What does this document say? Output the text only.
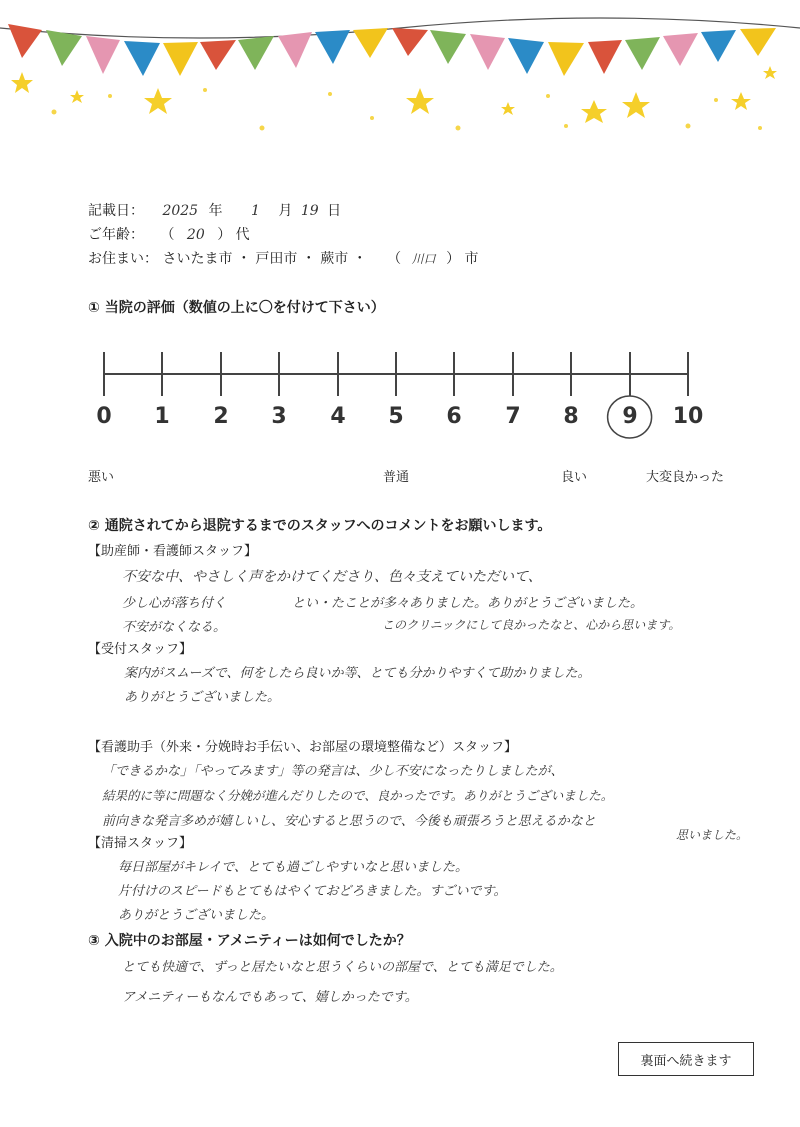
記載日： 2025 年 1 月 19 日
ご年齢： （ 20 ） 代
お住まい： さいたま市 ・ 戸田市 ・ 蕨市 ・ （ 川口 ） 市
① 当院の評価（数値の上に〇を付けて下さい）
0	1	2	3	4	5	6	7	8	9	10
悪い	普通	良い	大変良かった
② 通院されてから退院するまでのスタッフへのコメントをお願いします。
【助産師・看護師スタッフ】
不安な中、やさしく声をかけてくださり、色々支えていただいて、
少し心が落ち付く	とい・たことが多々ありました。ありがとうございました。
不安がなくなる。	このクリニックにして良かったなと、心から思います。
【受付スタッフ】
案内がスムーズで、何をしたら良いか等、とても分かりやすくて助かりました。
ありがとうございました。
【看護助手（外来・分娩時お手伝い、お部屋の環境整備など）スタッフ】
「できるかな」「やってみます」等の発言は、少し不安になったりしましたが、
結果的に等に問題なく分娩が進んだりしたので、良かったです。ありがとうございました。
前向きな発言多めが嬉しいし、安心すると思うので、今後も頑張ろうと思えるかなと
思いました。
【清掃スタッフ】
毎日部屋がキレイで、とても過ごしやすいなと思いました。
片付けのスピードもとてもはやくておどろきました。すごいです。
ありがとうございました。
③ 入院中のお部屋・アメニティーは如何でしたか？
とても快適で、ずっと居たいなと思うくらいの部屋で、とても満足でした。
アメニティーもなんでもあって、嬉しかったです。
裏面へ続きます
